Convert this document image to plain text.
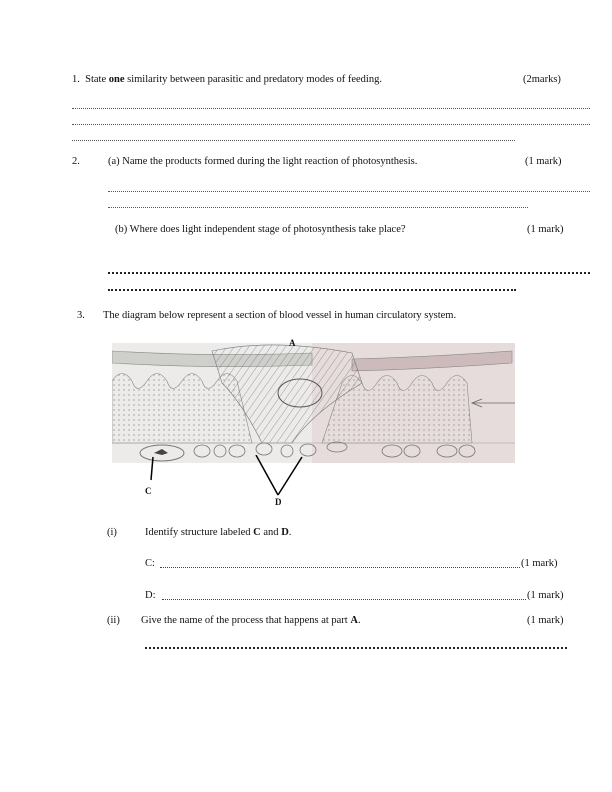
1. State one similarity between parasitic and predatory modes of feeding.	(2marks)
2.	(a) Name the products formed during the light reaction of photosynthesis.	(1 mark)
(b) Where does light independent stage of photosynthesis take place?	(1 mark)
3. The diagram below represent a section of blood vessel in human circulatory system.
A
C
D
(i)	Identify structure labeled C and D.
C:	(1 mark)
D:	(1 mark)
(ii) Give the name of the process that happens at part A.	(1 mark)
